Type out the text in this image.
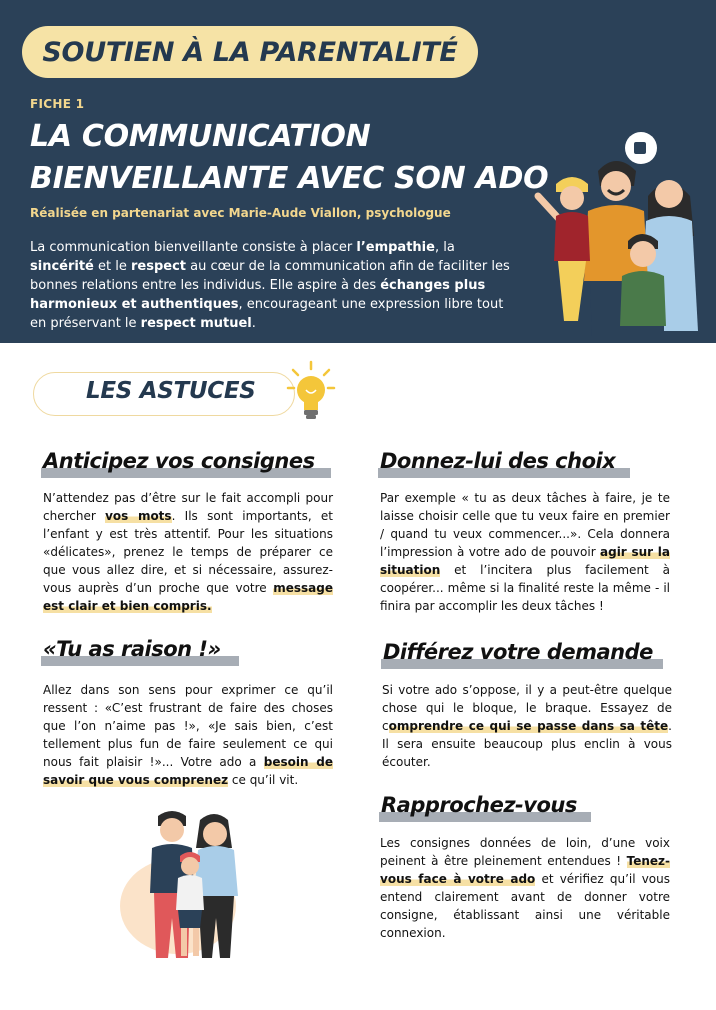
SOUTIEN À LA PARENTALITÉ
FICHE 1
LA COMMUNICATION
BIENVEILLANTE AVEC SON ADO
Réalisée en partenariat avec Marie-Aude Viallon, psychologue
La communication bienveillante consiste à placer l’empathie, la sincérité et le respect au cœur de la communication afin de faciliter les bonnes relations entre les individus. Elle aspire à des échanges plus harmonieux et authentiques, encourageant une expression libre tout en préservant le respect mutuel.
LES ASTUCES
Anticipez vos consignes
N’attendez pas d’être sur le fait accompli pour chercher vos mots. Ils sont importants, et l’enfant y est très attentif. Pour les situations «délicates», prenez le temps de préparer ce que vous allez dire, et si nécessaire, assurez-vous auprès d’un proche que votre message est clair et bien compris.
Donnez-lui des choix
Par exemple « tu as deux tâches à faire, je te laisse choisir celle que tu veux faire en premier / quand tu veux commencer...». Cela donnera l’impression à votre ado de pouvoir agir sur la situation et l’incitera plus facilement à coopérer... même si la finalité reste la même - il finira par accomplir les deux tâches !
«Tu as raison !»
Allez dans son sens pour exprimer ce qu’il ressent : «C’est frustrant de faire des choses que l’on n’aime pas !», «Je sais bien, c’est tellement plus fun de faire seulement ce qui nous fait plaisir !»... Votre ado a besoin de savoir que vous comprenez ce qu’il vit.
Différez votre demande
Si votre ado s’oppose, il y a peut-être quelque chose qui le bloque, le braque. Essayez de comprendre ce qui se passe dans sa tête. Il sera ensuite beaucoup plus enclin à vous écouter.
Rapprochez-vous
Les consignes données de loin, d’une voix peinent à être pleinement entendues ! Tenez-vous face à votre ado et vérifiez qu’il vous entend clairement avant de donner votre consigne, établissant ainsi une véritable connexion.
